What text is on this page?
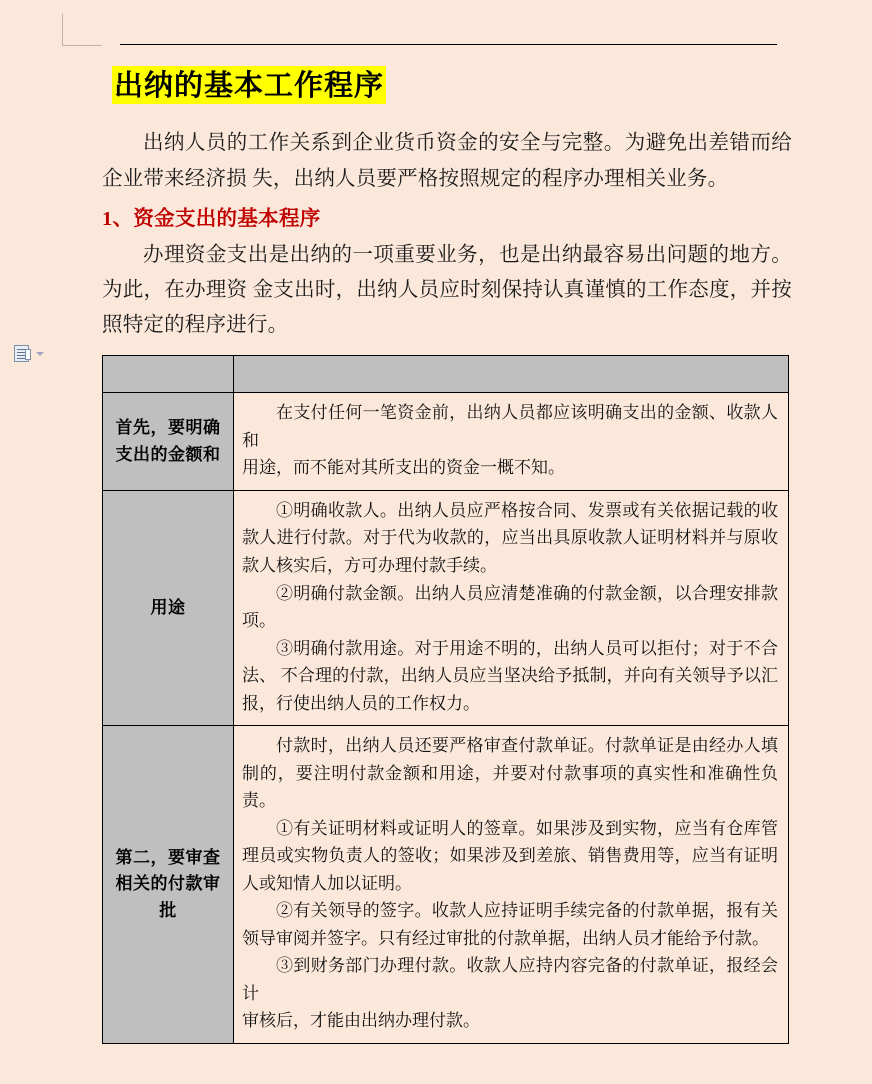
出纳的基本工作程序

出纳人员的工作关系到企业货币资金的安全与完整。为避免出差错而给企业带来经济损 失，出纳人员要严格按照规定的程序办理相关业务。

1、资金支出的基本程序

办理资金支出是出纳的一项重要业务，也是出纳最容易出问题的地方。为此，在办理资 金支出时，出纳人员应时刻保持认真谨慎的工作态度，并按照特定的程序进行。

首先，要明确支出的金额和	在支付任何一笔资金前，出纳人员都应该明确支出的金额、收款人和

用途，而不能对其所支出的资金一概不知。

用途	①明确收款人。出纳人员应严格按合同、发票或有关依据记载的收款人进行付款。对于代为收款的，应当出具原收款人证明材料并与原收款人核实后，方可办理付款手续。

②明确付款金额。出纳人员应清楚准确的付款金额，以合理安排款项。

③明确付款用途。对于用途不明的，出纳人员可以拒付；对于不合法、 不合理的付款，出纳人员应当坚决给予抵制，并向有关领导予以汇报，行使出纳人员的工作权力。

第二，要审查相关的付款审批	付款时，出纳人员还要严格审查付款单证。付款单证是由经办人填制的，要注明付款金额和用途，并要对付款事项的真实性和准确性负责。

①有关证明材料或证明人的签章。如果涉及到实物，应当有仓库管理员或实物负责人的签收；如果涉及到差旅、销售费用等，应当有证明人或知情人加以证明。

②有关领导的签字。收款人应持证明手续完备的付款单据，报有关领导审阅并签字。只有经过审批的付款单据，出纳人员才能给予付款。

③到财务部门办理付款。收款人应持内容完备的付款单证，报经会计

审核后，才能由出纳办理付款。
